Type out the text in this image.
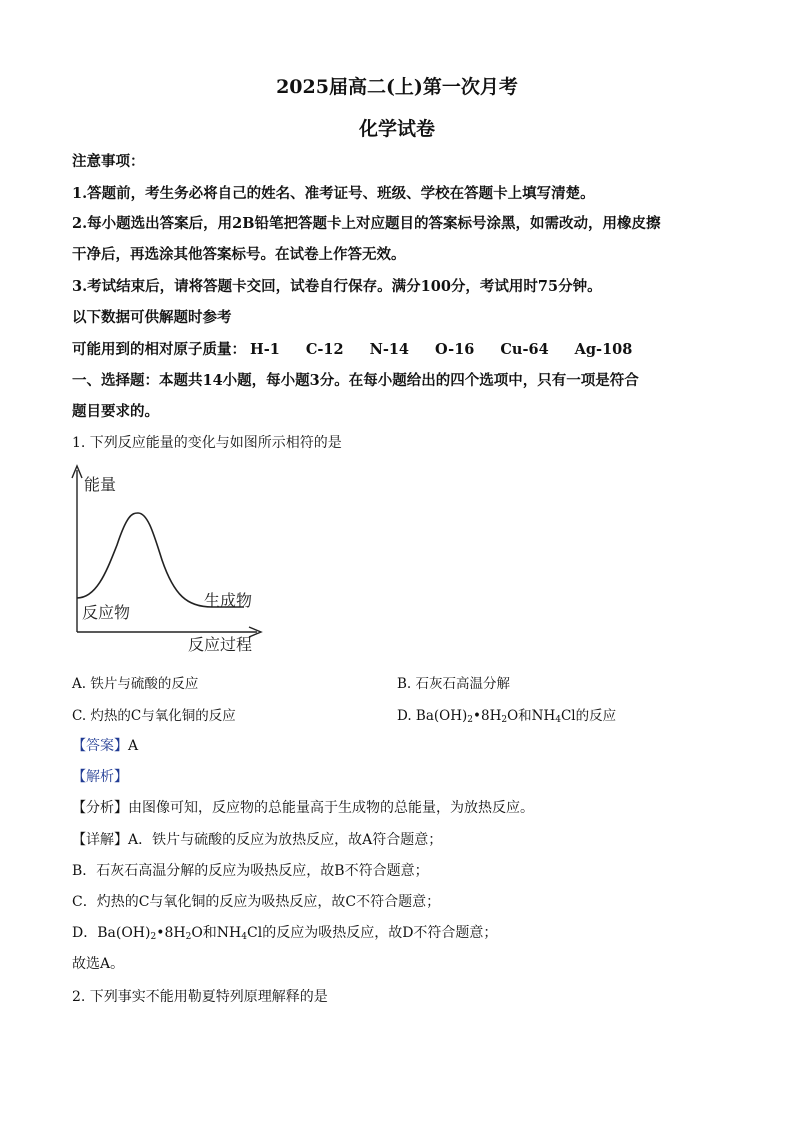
2025届高二(上)第一次月考
化学试卷
注意事项：
1.答题前，考生务必将自己的姓名、准考证号、班级、学校在答题卡上填写清楚。
2.每小题选出答案后，用2B铅笔把答题卡上对应题目的答案标号涂黑，如需改动，用橡皮擦
干净后，再选涂其他答案标号。在试卷上作答无效。
3.考试结束后，请将答题卡交回，试卷自行保存。满分100分，考试用时75分钟。
以下数据可供解题时参考
可能用到的相对原子质量： H-1 C-12 N-14 O-16 Cu-64 Ag-108
一、选择题：本题共14小题，每小题3分。在每小题给出的四个选项中，只有一项是符合
题目要求的。
1. 下列反应能量的变化与如图所示相符的是
能量
反应物
生成物
反应过程
A. 铁片与硫酸的反应	B. 石灰石高温分解
C. 灼热的C与氧化铜的反应	D. $Ba(OH)_2•8H_2O$和$NH_4Cl$的反应
【答案】A
【解析】
【分析】由图像可知，反应物的总能量高于生成物的总能量，为放热反应。
【详解】A．铁片与硫酸的反应为放热反应，故A符合题意；
B．石灰石高温分解的反应为吸热反应，故B不符合题意；
C．灼热的C与氧化铜的反应为吸热反应，故C不符合题意；
D．$Ba(OH)_2•8H_2O$和$NH_4Cl$的反应为吸热反应，故D不符合题意；
故选A。
2. 下列事实不能用勒夏特列原理解释的是
